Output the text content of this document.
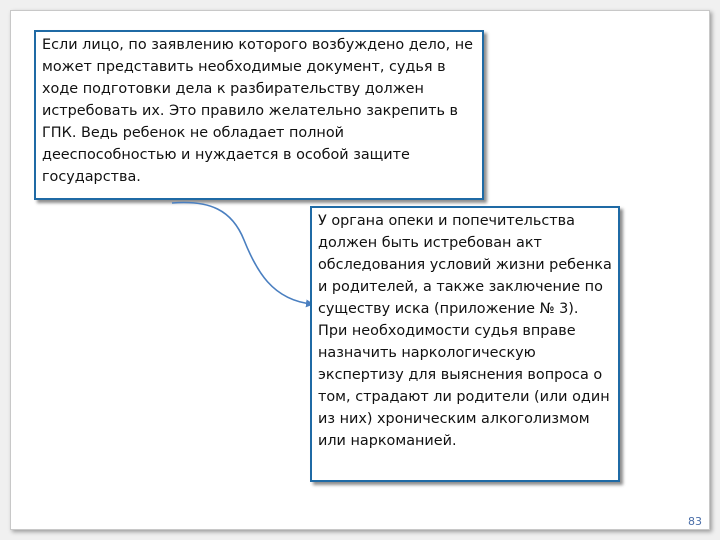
Если лицо, по заявлению которого возбуждено дело, не может представить необходимые документ, судья в ходе подготовки дела к разбирательству должен истребовать их. Это правило желательно закрепить в ГПК. Ведь ребенок не обладает полной дееспособностью и нуждается в особой защите государства.
У органа опеки и попечительства должен быть истребован акт обследования условий жизни ребенка и родителей, а также заключение по существу иска (приложение № 3). При необходимости судья вправе назначить наркологическую экспертизу для выяснения вопроса о том, страдают ли родители (или один из них) хроническим алкоголизмом или наркоманией.
83
